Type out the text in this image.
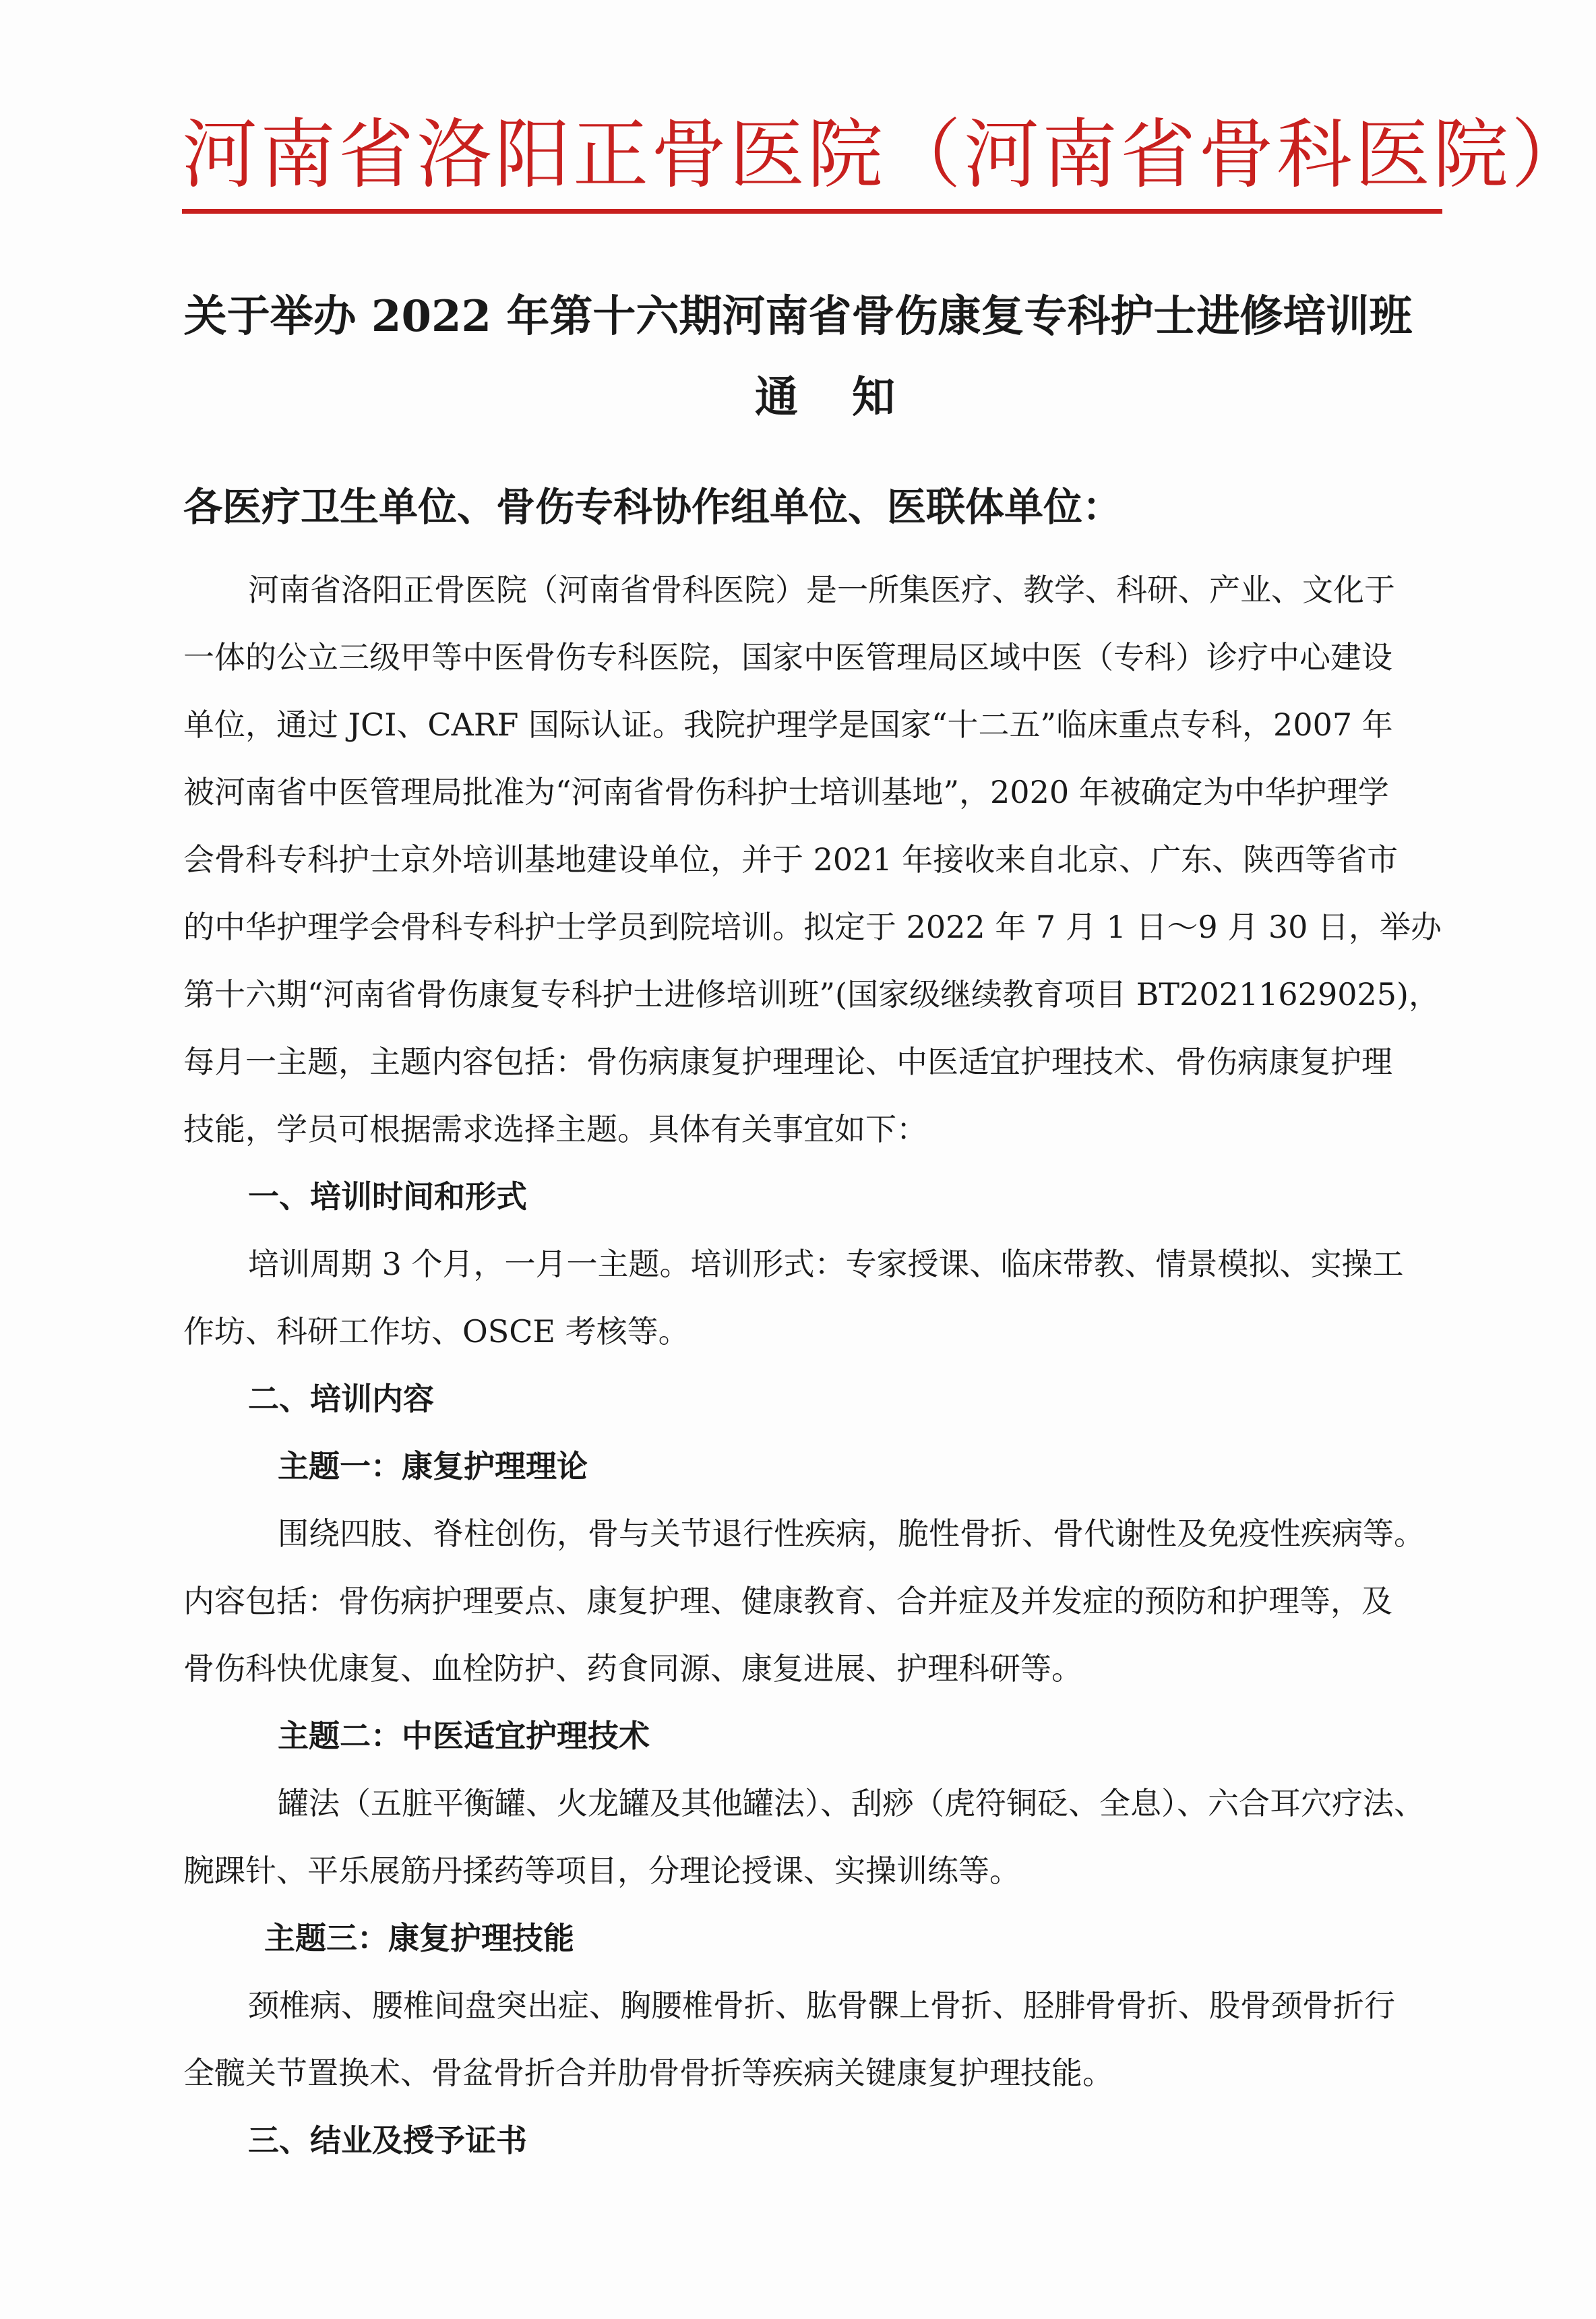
河南省洛阳正骨医院（河南省骨科医院）
关于举办 2022 年第十六期河南省骨伤康复专科护士进修培训班
通知
各医疗卫生单位、骨伤专科协作组单位、医联体单位：
河南省洛阳正骨医院（河南省骨科医院）是一所集医疗、教学、科研、产业、文化于
一体的公立三级甲等中医骨伤专科医院，国家中医管理局区域中医（专科）诊疗中心建设
单位，通过 JCI、CARF 国际认证。我院护理学是国家“十二五”临床重点专科，2007 年
被河南省中医管理局批准为“河南省骨伤科护士培训基地”，2020 年被确定为中华护理学
会骨科专科护士京外培训基地建设单位，并于 2021 年接收来自北京、广东、陕西等省市
的中华护理学会骨科专科护士学员到院培训。拟定于 2022 年 7 月 1 日～9 月 30 日，举办
第十六期“河南省骨伤康复专科护士进修培训班”(国家级继续教育项目 BT20211629025)，
每月一主题，主题内容包括：骨伤病康复护理理论、中医适宜护理技术、骨伤病康复护理
技能，学员可根据需求选择主题。具体有关事宜如下：
一、培训时间和形式
培训周期 3 个月，一月一主题。培训形式：专家授课、临床带教、情景模拟、实操工
作坊、科研工作坊、OSCE 考核等。
二、培训内容
主题一：康复护理理论
围绕四肢、脊柱创伤，骨与关节退行性疾病，脆性骨折、骨代谢性及免疫性疾病等。
内容包括：骨伤病护理要点、康复护理、健康教育、合并症及并发症的预防和护理等，及
骨伤科快优康复、血栓防护、药食同源、康复进展、护理科研等。
主题二：中医适宜护理技术
罐法（五脏平衡罐、火龙罐及其他罐法）、刮痧（虎符铜砭、全息）、六合耳穴疗法、
腕踝针、平乐展筋丹揉药等项目，分理论授课、实操训练等。
主题三：康复护理技能
颈椎病、腰椎间盘突出症、胸腰椎骨折、肱骨髁上骨折、胫腓骨骨折、股骨颈骨折行
全髋关节置换术、骨盆骨折合并肋骨骨折等疾病关键康复护理技能。
三、结业及授予证书
